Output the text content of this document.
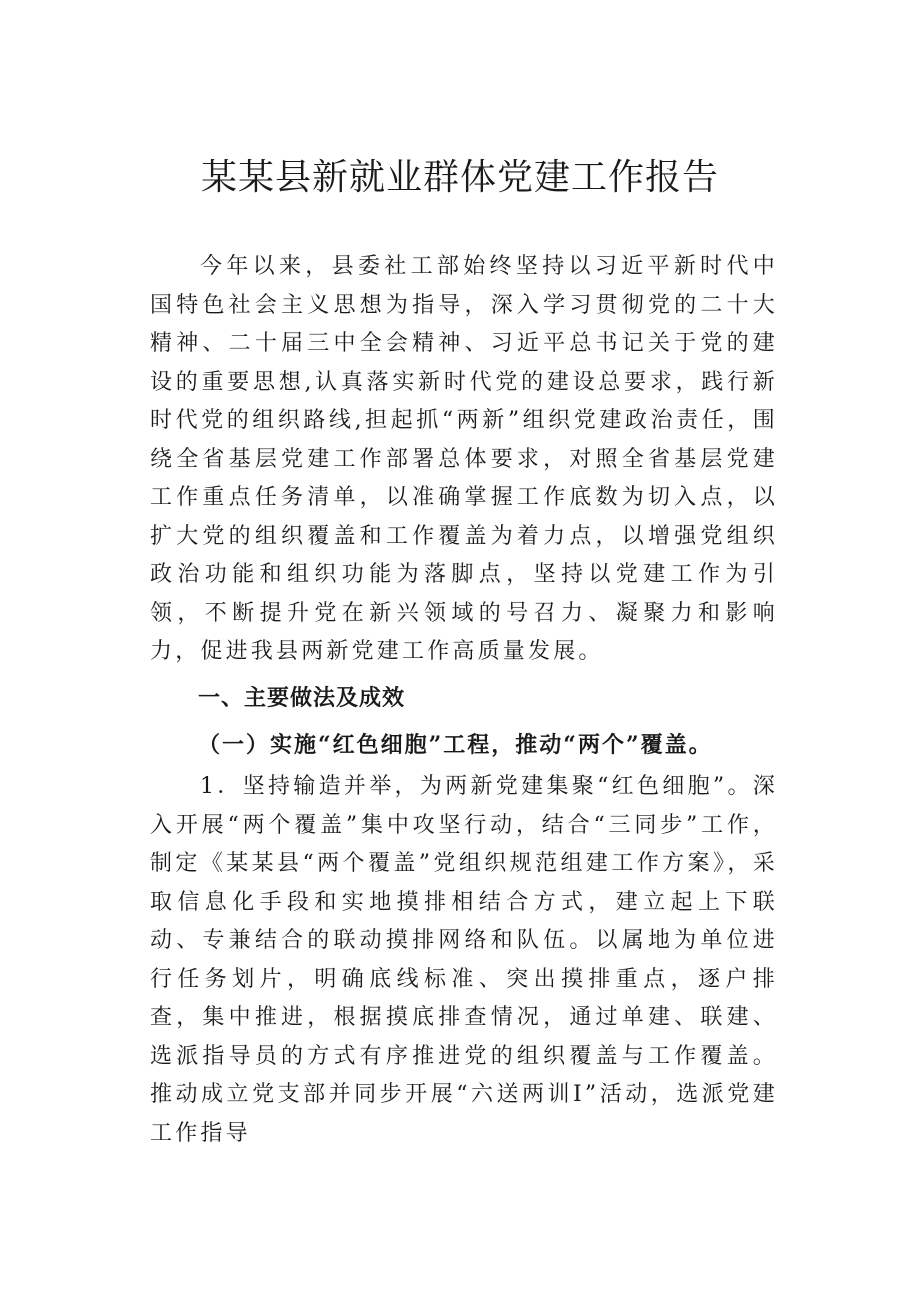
某某县新就业群体党建工作报告

今年以来，县委社工部始终坚持以习近平新时代中国特色社会主义思想为指导，深入学习贯彻党的二十大精神、二十届三中全会精神、习近平总书记关于党的建设的重要思想,认真落实新时代党的建设总要求，践行新时代党的组织路线,担起抓“两新”组织党建政治责任，围绕全省基层党建工作部署总体要求，对照全省基层党建工作重点任务清单，以准确掌握工作底数为切入点，以扩大党的组织覆盖和工作覆盖为着力点，以增强党组织政治功能和组织功能为落脚点，坚持以党建工作为引领，不断提升党在新兴领域的号召力、凝聚力和影响力，促进我县两新党建工作高质量发展。

一、主要做法及成效
（一）实施“红色细胞”工程，推动“两个”覆盖。

1．坚持输造并举，为两新党建集聚“红色细胞”。深入开展“两个覆盖”集中攻坚行动，结合“三同步”工作，制定《某某县“两个覆盖”党组织规范组建工作方案》，采取信息化手段和实地摸排相结合方式，建立起上下联动、专兼结合的联动摸排网络和队伍。以属地为单位进行任务划片，明确底线标准、突出摸排重点，逐户排查，集中推进，根据摸底排查情况，通过单建、联建、选派指导员的方式有序推进党的组织覆盖与工作覆盖。推动成立党支部并同步开展“六送两训I”活动，选派党建工作指导
